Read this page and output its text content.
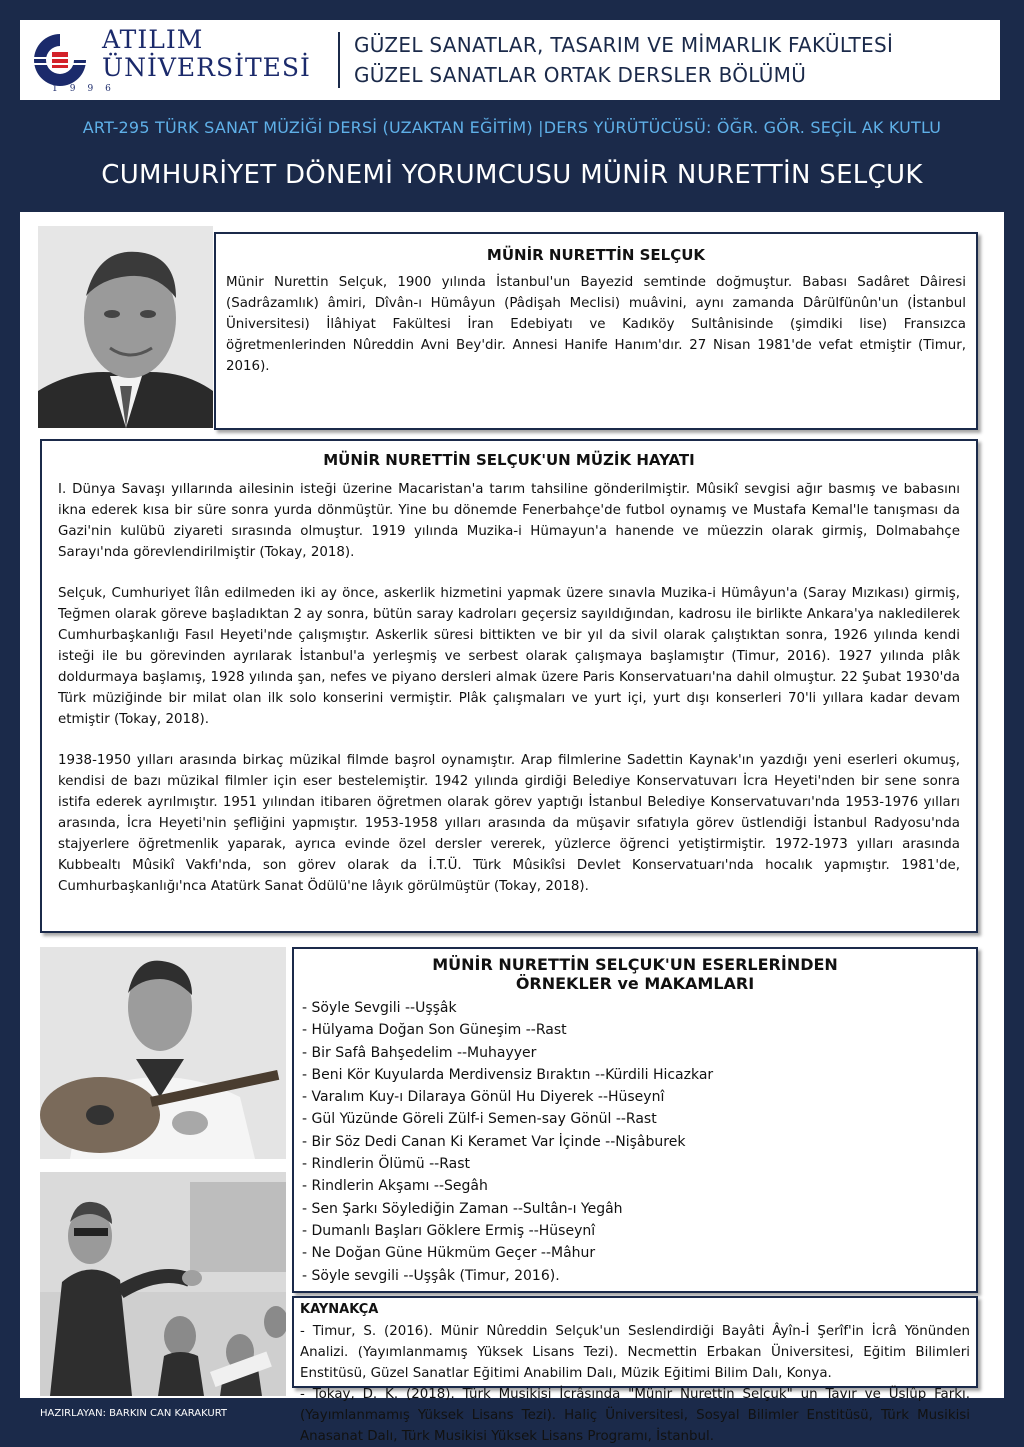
ATILIM
ÜNİVERSİTESİ
1996
GÜZEL SANATLAR, TASARIM VE MİMARLIK FAKÜLTESİ
GÜZEL SANATLAR ORTAK DERSLER BÖLÜMÜ
ART-295 TÜRK SANAT MÜZİĞİ DERSİ (UZAKTAN EĞİTİM) |DERS YÜRÜTÜCÜSÜ: ÖĞR. GÖR. SEÇİL AK KUTLU
CUMHURİYET DÖNEMİ YORUMCUSU MÜNİR NURETTİN SELÇUK
MÜNİR NURETTİN SELÇUK

Münir Nurettin Selçuk, 1900 yılında İstanbul'un Bayezid semtinde doğmuştur. Babası Sadâret Dâiresi (Sadrâzamlık) âmiri, Dîvân-ı Hümâyun (Pâdişah Meclisi) muâvini, aynı zamanda Dârülfünûn'un (İstanbul Üniversitesi) İlâhiyat Fakültesi İran Edebiyatı ve Kadıköy Sultânisinde (şimdiki lise) Fransızca öğretmenlerinden Nûreddin Avni Bey'dir. Annesi Hanife Hanım'dır. 27 Nisan 1981'de vefat etmiştir (Timur, 2016).

MÜNİR NURETTİN SELÇUK'UN MÜZİK HAYATI

I. Dünya Savaşı yıllarında ailesinin isteği üzerine Macaristan'a tarım tahsiline gönderilmiştir. Mûsikî sevgisi ağır basmış ve babasını ikna ederek kısa bir süre sonra yurda dönmüştür. Yine bu dönemde Fenerbahçe'de futbol oynamış ve Mustafa Kemal'le tanışması da Gazi'nin kulübü ziyareti sırasında olmuştur. 1919 yılında Muzika-i Hümayun'a hanende ve müezzin olarak girmiş, Dolmabahçe Sarayı'nda görevlendirilmiştir (Tokay, 2018).

Selçuk, Cumhuriyet îlân edilmeden iki ay önce, askerlik hizmetini yapmak üzere sınavla Muzika-i Hümâyun'a (Saray Mızıkası) girmiş, Teğmen olarak göreve başladıktan 2 ay sonra, bütün saray kadroları geçersiz sayıldığından, kadrosu ile birlikte Ankara'ya nakledilerek Cumhurbaşkanlığı Fasıl Heyeti'nde çalışmıştır. Askerlik süresi bittikten ve bir yıl da sivil olarak çalıştıktan sonra, 1926 yılında kendi isteği ile bu görevinden ayrılarak İstanbul'a yerleşmiş ve serbest olarak çalışmaya başlamıştır (Timur, 2016). 1927 yılında plâk doldurmaya başlamış, 1928 yılında şan, nefes ve piyano dersleri almak üzere Paris Konservatuarı'na dahil olmuştur. 22 Şubat 1930'da Türk müziğinde bir milat olan ilk solo konserini vermiştir. Plâk çalışmaları ve yurt içi, yurt dışı konserleri 70'li yıllara kadar devam etmiştir (Tokay, 2018).

1938-1950 yılları arasında birkaç müzikal filmde başrol oynamıştır. Arap filmlerine Sadettin Kaynak'ın yazdığı yeni eserleri okumuş, kendisi de bazı müzikal filmler için eser bestelemiştir. 1942 yılında girdiği Belediye Konservatuvarı İcra Heyeti'nden bir sene sonra istifa ederek ayrılmıştır. 1951 yılından itibaren öğretmen olarak görev yaptığı İstanbul Belediye Konservatuvarı'nda 1953-1976 yılları arasında, İcra Heyeti'nin şefliğini yapmıştır. 1953-1958 yılları arasında da müşavir sıfatıyla görev üstlendiği İstanbul Radyosu'nda stajyerlere öğretmenlik yaparak, ayrıca evinde özel dersler vererek, yüzlerce öğrenci yetiştirmiştir. 1972-1973 yılları arasında Kubbealtı Mûsikî Vakfı'nda, son görev olarak da İ.T.Ü. Türk Mûsikîsi Devlet Konservatuarı'nda hocalık yapmıştır. 1981'de, Cumhurbaşkanlığı'nca Atatürk Sanat Ödülü'ne lâyık görülmüştür (Tokay, 2018).

MÜNİR NURETTİN SELÇUK'UN ESERLERİNDEN
ÖRNEKLER ve MAKAMLARI
- Söyle Sevgili --Uşşâk
- Hülyama Doğan Son Güneşim --Rast
- Bir Safâ Bahşedelim --Muhayyer
- Beni Kör Kuyularda Merdivensiz Bıraktın --Kürdili Hicazkar
- Varalım Kuy-ı Dilaraya Gönül Hu Diyerek --Hüseynî
- Gül Yüzünde Göreli Zülf-i Semen-say Gönül --Rast
- Bir Söz Dedi Canan Ki Keramet Var İçinde --Nişâburek
- Rindlerin Ölümü --Rast
- Rindlerin Akşamı --Segâh
- Sen Şarkı Söylediğin Zaman --Sultân-ı Yegâh
- Dumanlı Başları Göklere Ermiş --Hüseynî
- Ne Doğan Güne Hükmüm Geçer --Mâhur
- Söyle sevgili --Uşşâk (Timur, 2016).
KAYNAKÇA

- Timur, S. (2016). Münir Nûreddin Selçuk'un Seslendirdiği Bayâti Âyîn-İ Şerîf'in İcrâ Yönünden Analizi. (Yayımlanmamış Yüksek Lisans Tezi). Necmettin Erbakan Üniversitesi, Eğitim Bilimleri Enstitüsü, Güzel Sanatlar Eğitimi Anabilim Dalı, Müzik Eğitimi Bilim Dalı, Konya.

- Tokay, D. K. (2018). Türk Musikisi İcrâsında "Münir Nurettin Selçuk" un Tavır ve Üslûp Farkı. (Yayımlanmamış Yüksek Lisans Tezi). Haliç Üniversitesi, Sosyal Bilimler Enstitüsü, Türk Musikisi Anasanat Dalı, Türk Musikisi Yüksek Lisans Programı, İstanbul.

HAZIRLAYAN: BARKIN CAN KARAKURT
